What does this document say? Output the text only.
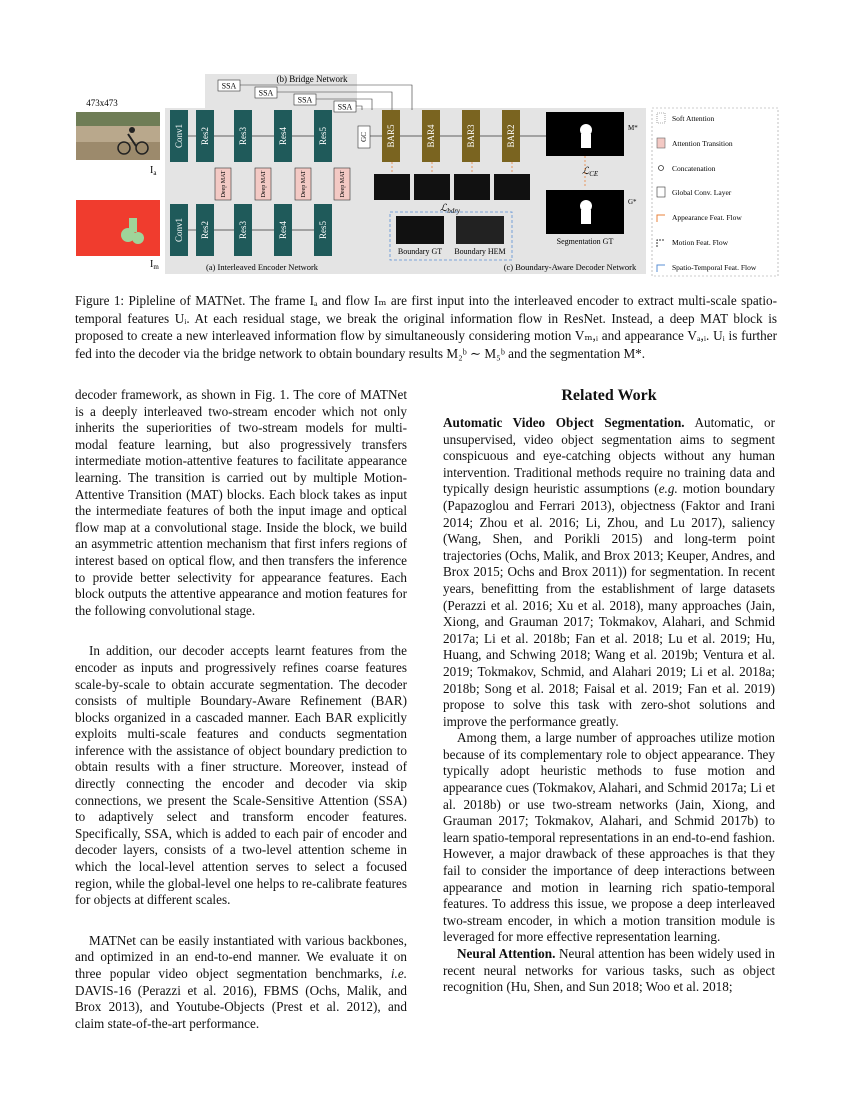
(b) Bridge Network
473x473
$I_a$
$I_m$
Conv1 Res2	Res3	Res4	Res5
Conv1 Res2	Res3	Res4	Res5
Deep MAT	Deep MAT	Deep MAT	Deep MAT
SSA
SSA
SSA
SSA
GC BAR5	BAR4	BAR3	BAR2
ℒ$_{bdry}$
ℒ$_{CE}$
Boundary GT Boundary HEM
M*
G*
Segmentation GT
(a) Interleaved Encoder Network	(c) Boundary-Aware Decoder Network
Soft Attention
Attention Transition
Concatenation
Global Conv. Layer
Appearance Feat. Flow
Motion Feat. Flow
Spatio-Temporal Feat. Flow
Figure 1: Pipleline of MATNet. The frame Iₐ and flow Iₘ are first input into the interleaved encoder to extract multi-scale spatio-temporal features Uᵢ. At each residual stage, we break the original information flow in ResNet. Instead, a deep MAT block is proposed to create a new interleaved information flow by simultaneously considering motion Vₘ,ᵢ and appearance Vₐ,ᵢ. Uᵢ is further fed into the decoder via the bridge network to obtain boundary results M₂ᵇ ∼ M₅ᵇ and the segmentation M*.

decoder framework, as shown in Fig. 1. The core of MATNet is a deeply interleaved two-stream encoder which not only inherits the superiorities of two-stream models for multi-modal feature learning, but also progressively transfers intermediate motion-attentive features to facilitate appearance learning. The transition is carried out by multiple Motion-Attentive Transition (MAT) blocks. Each block takes as input the intermediate features of both the input image and optical flow map at a convolutional stage. Inside the block, we build an asymmetric attention mechanism that first infers regions of interest based on optical flow, and then transfers the inference to provide better selectivity for appearance features. Each block outputs the attentive appearance and motion features for the following convolutional stage.

In addition, our decoder accepts learnt features from the encoder as inputs and progressively refines coarse features scale-by-scale to obtain accurate segmentation. The decoder consists of multiple Boundary-Aware Refinement (BAR) blocks organized in a cascaded manner. Each BAR explicitly exploits multi-scale features and conducts segmentation inference with the assistance of object boundary prediction to obtain results with a finer structure. Moreover, instead of directly connecting the encoder and decoder via skip connections, we present the Scale-Sensitive Attention (SSA) to adaptively select and transform encoder features. Specifically, SSA, which is added to each pair of encoder and decoder layers, consists of a two-level attention scheme in which the local-level attention serves to select a focused region, while the global-level one helps to re-calibrate features for objects at different scales.

MATNet can be easily instantiated with various backbones, and optimized in an end-to-end manner. We evaluate it on three popular video object segmentation benchmarks, i.e. DAVIS-16 (Perazzi et al. 2016), FBMS (Ochs, Malik, and Brox 2013), and Youtube-Objects (Prest et al. 2012), and claim state-of-the-art performance.

Related Work

Automatic Video Object Segmentation. Automatic, or unsupervised, video object segmentation aims to segment conspicuous and eye-catching objects without any human intervention. Traditional methods require no training data and typically design heuristic assumptions (e.g. motion boundary (Papazoglou and Ferrari 2013), objectness (Faktor and Irani 2014; Zhou et al. 2016; Li, Zhou, and Lu 2017), saliency (Wang, Shen, and Porikli 2015) and long-term point trajectories (Ochs, Malik, and Brox 2013; Keuper, Andres, and Brox 2015; Ochs and Brox 2011)) for segmentation. In recent years, benefitting from the establishment of large datasets (Perazzi et al. 2016; Xu et al. 2018), many approaches (Jain, Xiong, and Grauman 2017; Tokmakov, Alahari, and Schmid 2017a; Li et al. 2018b; Fan et al. 2018; Lu et al. 2019; Hu, Huang, and Schwing 2018; Wang et al. 2019b; Ventura et al. 2019; Tokmakov, Schmid, and Alahari 2019; Li et al. 2018a; 2018b; Song et al. 2018; Faisal et al. 2019; Fan et al. 2019) propose to solve this task with zero-shot solutions and improve the performance greatly.

Among them, a large number of approaches utilize motion because of its complementary role to object appearance. They typically adopt heuristic methods to fuse motion and appearance cues (Tokmakov, Alahari, and Schmid 2017a; Li et al. 2018b) or use two-stream networks (Jain, Xiong, and Grauman 2017; Tokmakov, Alahari, and Schmid 2017b) to learn spatio-temporal representations in an end-to-end fashion. However, a major drawback of these approaches is that they fail to consider the importance of deep interactions between appearance and motion in learning rich spatio-temporal features. To address this issue, we propose a deep interleaved two-stream encoder, in which a motion transition module is leveraged for more effective representation learning.

Neural Attention. Neural attention has been widely used in recent neural networks for various tasks, such as object recognition (Hu, Shen, and Sun 2018; Woo et al. 2018;
